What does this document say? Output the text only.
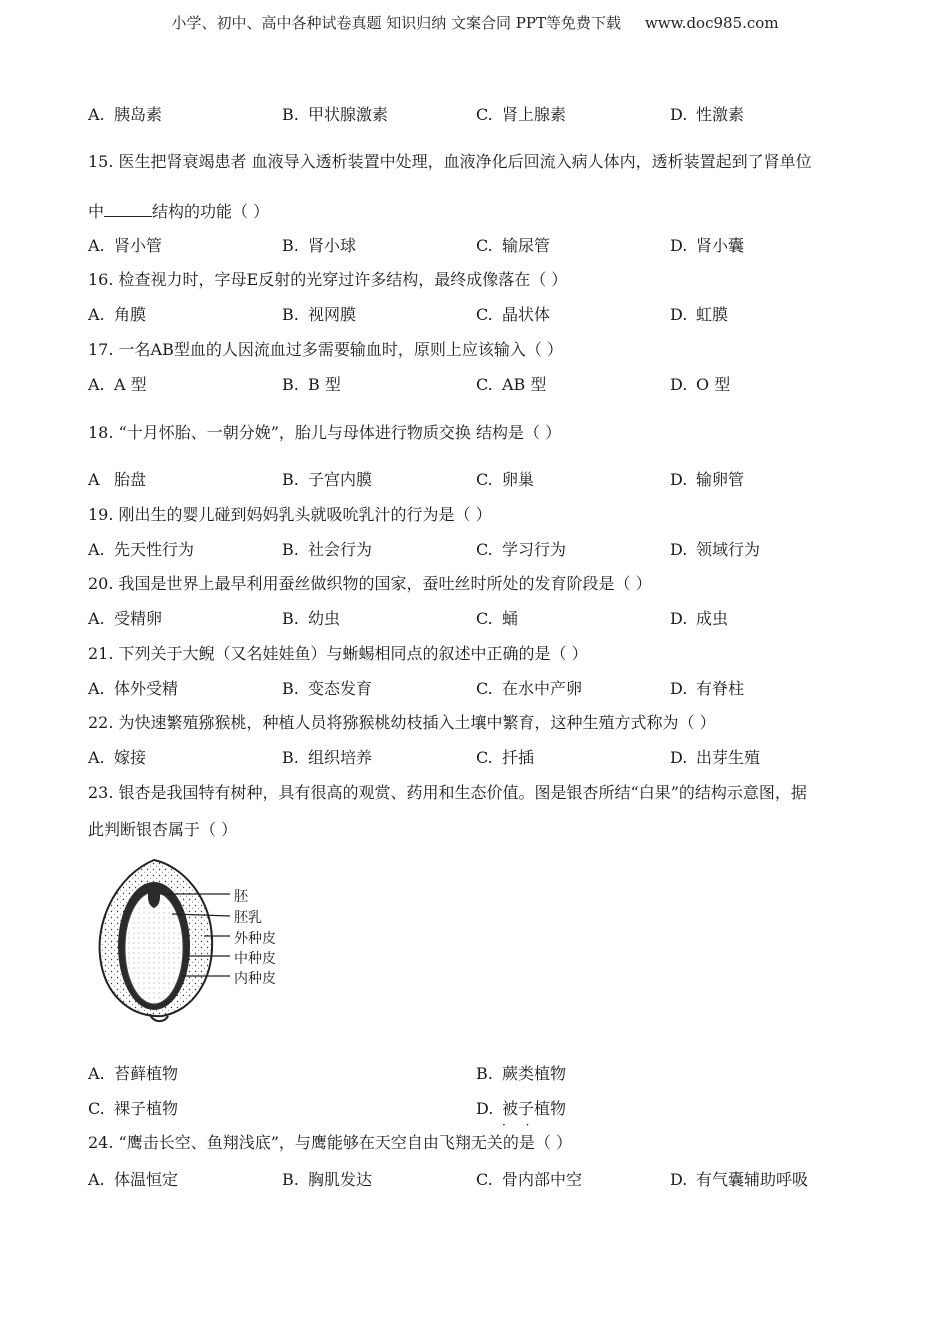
小学、初中、高中各种试卷真题 知识归纳 文案合同 PPT等免费下载 www.doc985.com
A. 胰岛素	B. 甲状腺激素	C. 肾上腺素	D. 性激素
15. 医生把肾衰竭患者 血液导入透析装置中处理，血液净化后回流入病人体内，透析装置起到了肾单位
中	结构的功能（ ）
A. 肾小管	B. 肾小球	C. 输尿管	D. 肾小囊
16. 检查视力时，字母E反射的光穿过许多结构，最终成像落在（ ）
A. 角膜	B. 视网膜	C. 晶状体	D. 虹膜
17. 一名AB型血的人因流血过多需要输血时，原则上应该输入（ ）
A. A 型	B. B 型	C. AB 型	D. O 型
18. “十月怀胎、一朝分娩”，胎儿与母体进行物质交换 结构是（ ）
A 胎盘	B. 子宫内膜	C. 卵巢	D. 输卵管
19. 刚出生的婴儿碰到妈妈乳头就吸吮乳汁的行为是（ ）
A. 先天性行为	B. 社会行为	C. 学习行为	D. 领域行为
20. 我国是世界上最早利用蚕丝做织物的国家，蚕吐丝时所处的发育阶段是（ ）
A. 受精卵	B. 幼虫	C. 蛹	D. 成虫
21. 下列关于大鲵（又名娃娃鱼）与蜥蜴相同点的叙述中正确的是（ ）
A. 体外受精	B. 变态发育	C. 在水中产卵	D. 有脊柱
22. 为快速繁殖猕猴桃，种植人员将猕猴桃幼枝插入土壤中繁育，这种生殖方式称为（ ）
A. 嫁接	B. 组织培养	C. 扦插	D. 出芽生殖
23. 银杏是我国特有树种，具有很高的观赏、药用和生态价值。图是银杏所结“白果”的结构示意图，据
此判断银杏属于（ ）
胚
胚乳
外种皮
中种皮
内种皮
A. 苔藓植物	B. 蕨类植物
C. 裸子植物	D. 被子植物
· ·
24. “鹰击长空、鱼翔浅底”，与鹰能够在天空自由飞翔无关的是（ ）
A. 体温恒定	B. 胸肌发达	C. 骨内部中空	D. 有气囊辅助呼吸
